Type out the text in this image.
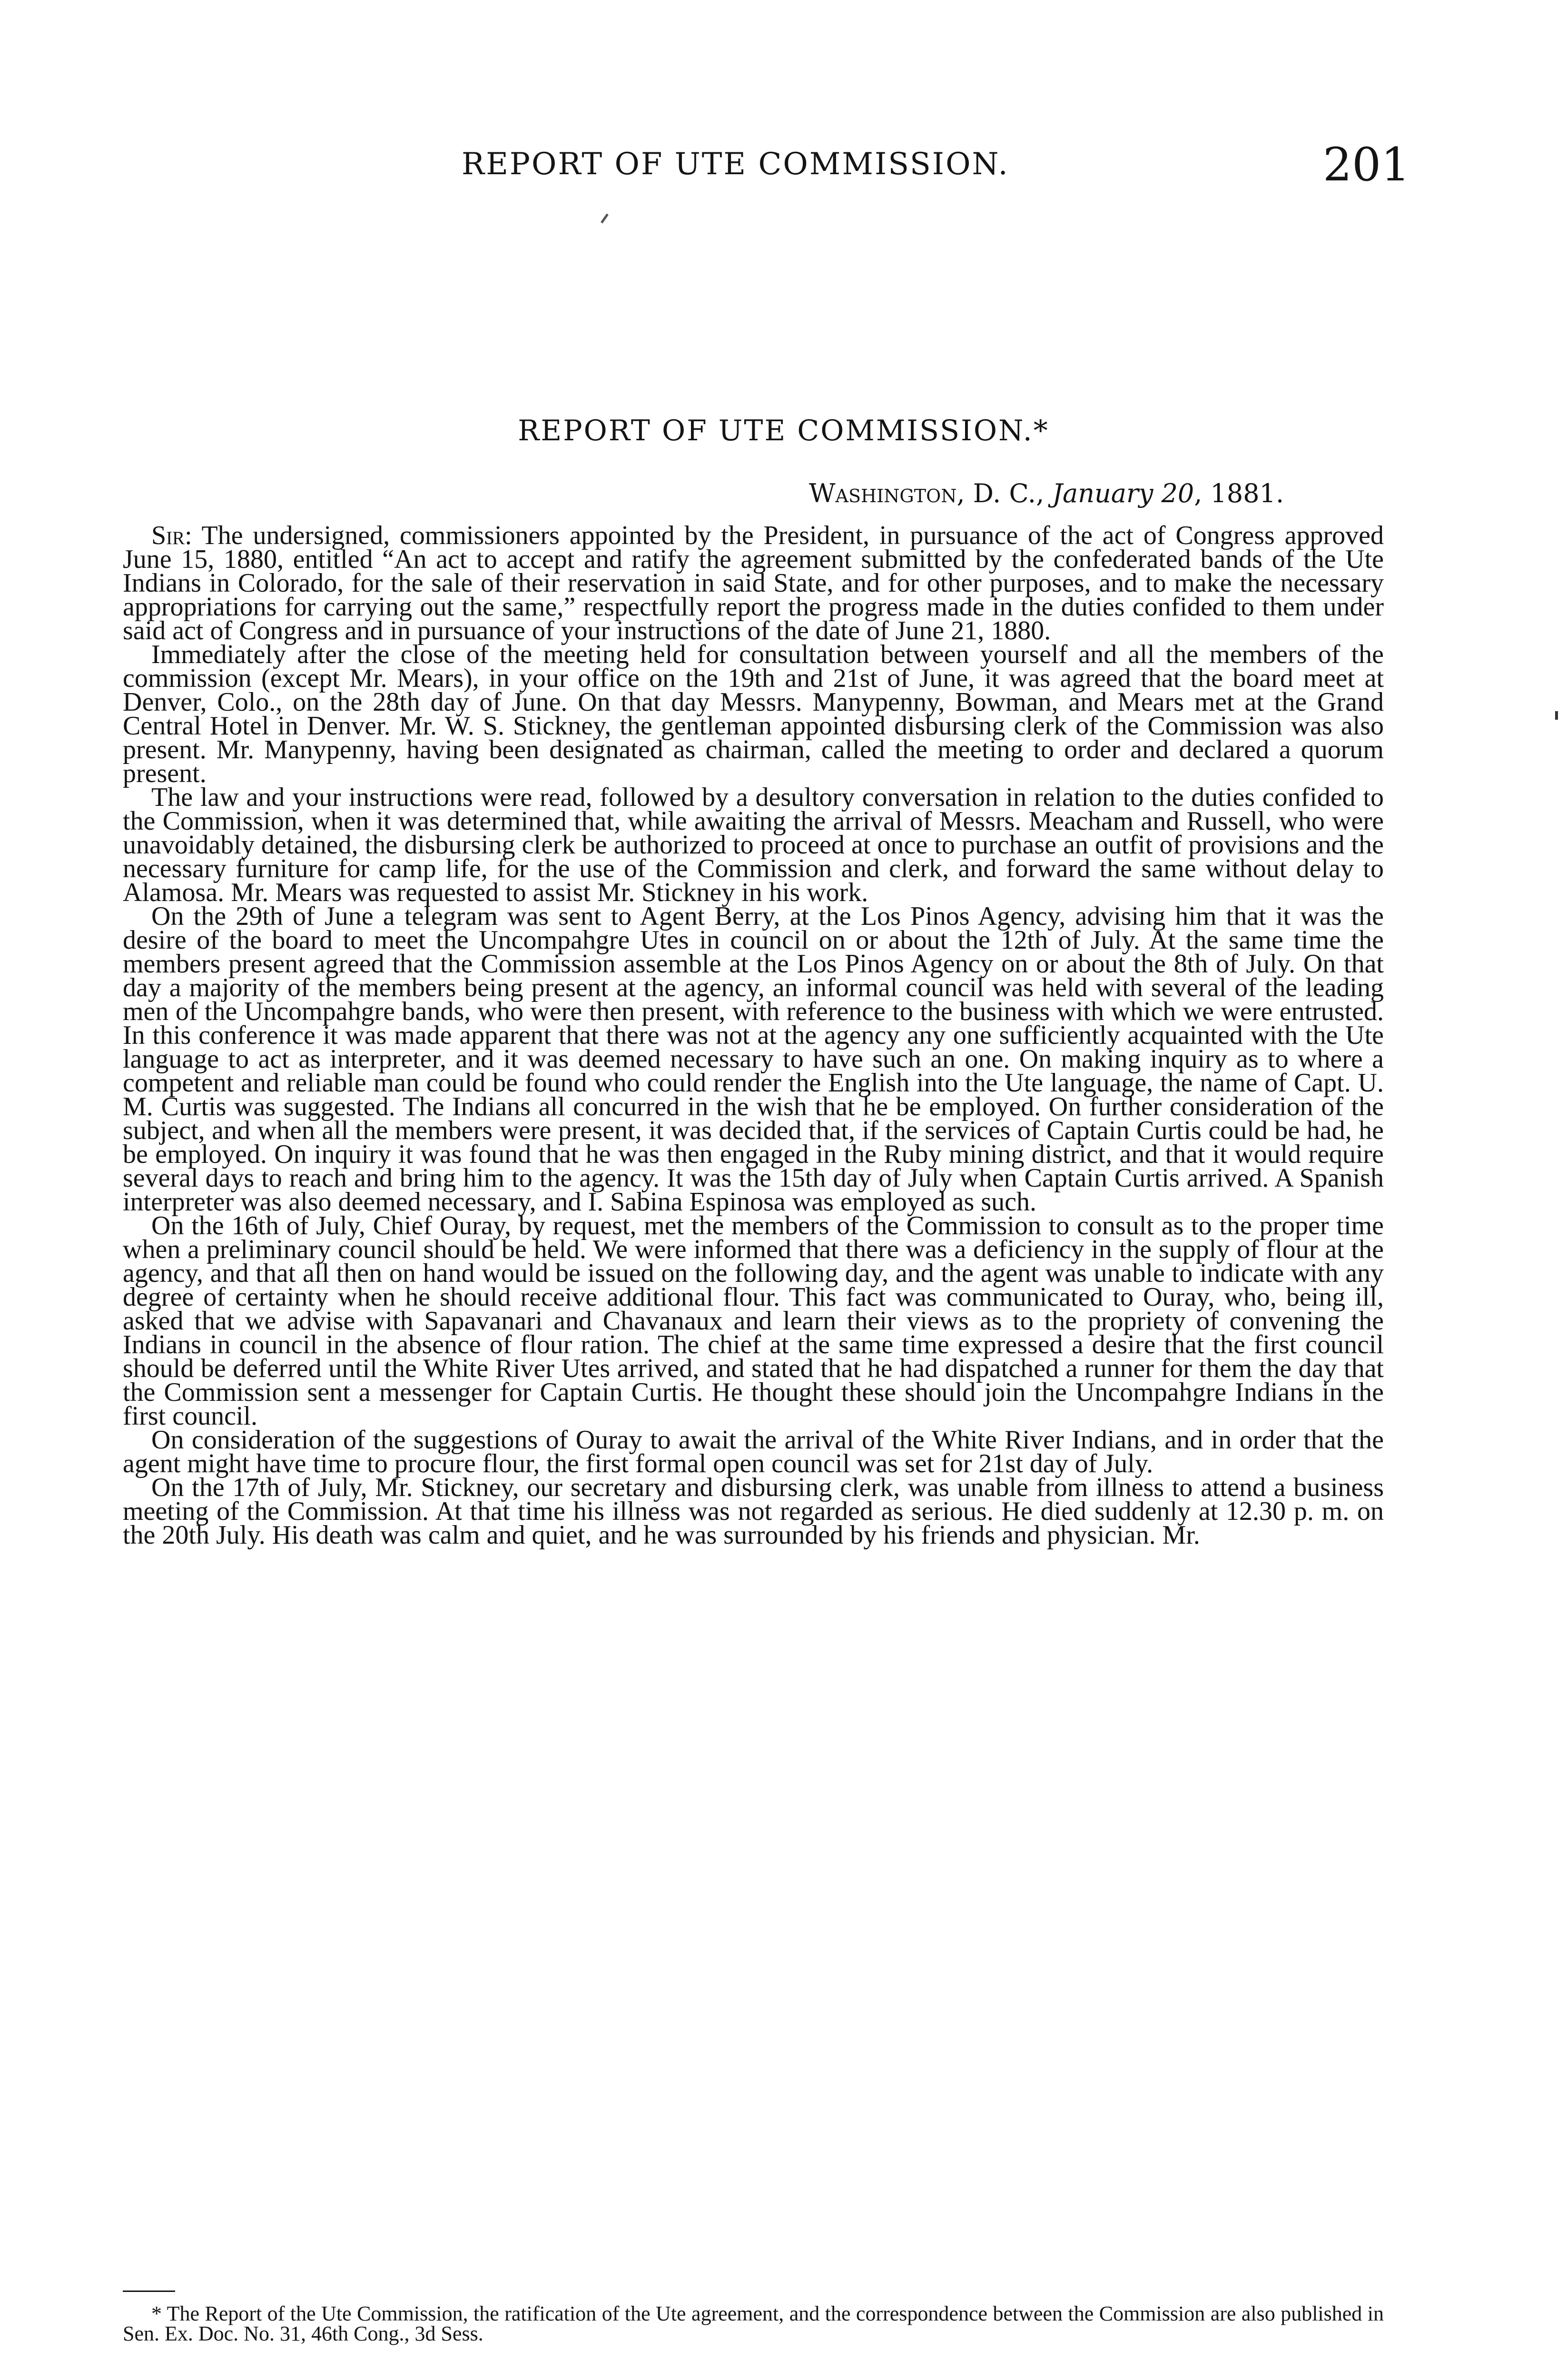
REPORT OF UTE COMMISSION.	201
REPORT OF UTE COMMISSION.*
Washington, D. C., January 20, 1881.

Sir: The undersigned, commissioners appointed by the President, in pursuance of the act of Congress approved June 15, 1880, entitled “An act to accept and ratify the agreement submitted by the confederated bands of the Ute Indians in Colorado, for the sale of their reservation in said State, and for other purposes, and to make the necessary appropriations for carrying out the same,” respectfully report the progress made in the duties confided to them under said act of Congress and in pursuance of your instructions of the date of June 21, 1880.

Immediately after the close of the meeting held for consultation between yourself and all the members of the commission (except Mr. Mears), in your office on the 19th and 21st of June, it was agreed that the board meet at Denver, Colo., on the 28th day of June. On that day Messrs. Manypenny, Bowman, and Mears met at the Grand Central Hotel in Denver. Mr. W. S. Stickney, the gentleman appointed disbursing clerk of the Commission was also present. Mr. Manypenny, having been designated as chairman, called the meeting to order and declared a quorum present.

The law and your instructions were read, followed by a desultory conversation in relation to the duties confided to the Commission, when it was determined that, while awaiting the arrival of Messrs. Meacham and Russell, who were unavoidably detained, the disbursing clerk be authorized to proceed at once to purchase an outfit of provisions and the necessary furniture for camp life, for the use of the Commission and clerk, and forward the same without delay to Alamosa. Mr. Mears was requested to assist Mr. Stickney in his work.

On the 29th of June a telegram was sent to Agent Berry, at the Los Pinos Agency, advising him that it was the desire of the board to meet the Uncompahgre Utes in council on or about the 12th of July. At the same time the members present agreed that the Commission assemble at the Los Pinos Agency on or about the 8th of July. On that day a majority of the members being present at the agency, an informal council was held with several of the leading men of the Uncompahgre bands, who were then present, with reference to the business with which we were entrusted. In this conference it was made apparent that there was not at the agency any one sufficiently acquainted with the Ute language to act as interpreter, and it was deemed necessary to have such an one. On making inquiry as to where a competent and reliable man could be found who could render the English into the Ute language, the name of Capt. U. M. Curtis was suggested. The Indians all concurred in the wish that he be employed. On further consideration of the subject, and when all the members were present, it was decided that, if the services of Captain Curtis could be had, he be employed. On inquiry it was found that he was then engaged in the Ruby mining district, and that it would require several days to reach and bring him to the agency. It was the 15th day of July when Captain Curtis arrived. A Spanish interpreter was also deemed necessary, and I. Sabina Espinosa was employed as such.

On the 16th of July, Chief Ouray, by request, met the members of the Commission to consult as to the proper time when a preliminary council should be held. We were informed that there was a deficiency in the supply of flour at the agency, and that all then on hand would be issued on the following day, and the agent was unable to indicate with any degree of certainty when he should receive additional flour. This fact was communicated to Ouray, who, being ill, asked that we advise with Sapavanari and Chavanaux and learn their views as to the propriety of convening the Indians in council in the absence of flour ration. The chief at the same time expressed a desire that the first council should be deferred until the White River Utes arrived, and stated that he had dispatched a runner for them the day that the Commission sent a messenger for Captain Curtis. He thought these should join the Uncompahgre Indians in the first council.

On consideration of the suggestions of Ouray to await the arrival of the White River Indians, and in order that the agent might have time to procure flour, the first formal open council was set for 21st day of July.

On the 17th of July, Mr. Stickney, our secretary and disbursing clerk, was unable from illness to attend a business meeting of the Commission. At that time his illness was not regarded as serious. He died suddenly at 12.30 p. m. on the 20th July. His death was calm and quiet, and he was surrounded by his friends and physician. Mr.

* The Report of the Ute Commission, the ratification of the Ute agreement, and the correspondence between the Commission are also published in Sen. Ex. Doc. No. 31, 46th Cong., 3d Sess.
